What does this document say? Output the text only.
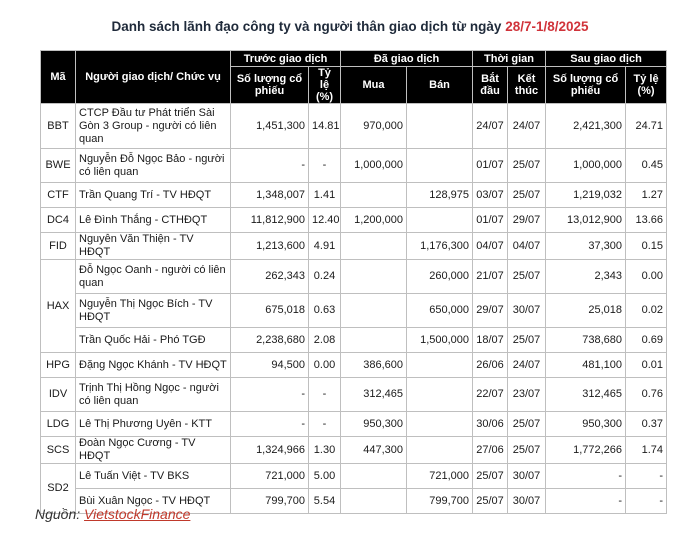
Danh sách lãnh đạo công ty và người thân giao dịch từ ngày 28/7-1/8/2025
Mã	Người giao dịch/ Chức vụ	Trước giao dịch		Đã giao dịch		Thời gian		Sau giao dịch	
		Số lượng cổ phiếu	Tỷ lệ (%)	Mua	Bán	Bắt đầu	Kết thúc	Số lượng cổ phiếu	Tỷ lệ (%)
BBT	CTCP Đầu tư Phát triển Sài Gòn 3 Group - người có liên quan	1,451,300	14.81	970,000		24/07	24/07	2,421,300	24.71
BWE	Nguyễn Đỗ Ngọc Bảo - người có liên quan	-	-	1,000,000		01/07	25/07	1,000,000	0.45
CTF	Trần Quang Trí - TV HĐQT	1,348,007	1.41		128,975	03/07	25/07	1,219,032	1.27
DC4	Lê Đình Thắng - CTHĐQT	11,812,900	12.40	1,200,000		01/07	29/07	13,012,900	13.66
FID	Nguyễn Văn Thiện - TV HĐQT	1,213,600	4.91		1,176,300	04/07	04/07	37,300	0.15
HAX	Đỗ Ngọc Oanh - người có liên quan	262,343	0.24		260,000	21/07	25/07	2,343	0.00
	Nguyễn Thị Ngọc Bích - TV HĐQT	675,018	0.63		650,000	29/07	30/07	25,018	0.02
	Trần Quốc Hải - Phó TGĐ	2,238,680	2.08		1,500,000	18/07	25/07	738,680	0.69
HPG	Đặng Ngọc Khánh - TV HĐQT	94,500	0.00	386,600		26/06	24/07	481,100	0.01
IDV	Trịnh Thị Hồng Ngọc - người có liên quan	-	-	312,465		22/07	23/07	312,465	0.76
LDG	Lê Thị Phương Uyên - KTT	-	-	950,300		30/06	25/07	950,300	0.37
SCS	Đoàn Ngọc Cương - TV HĐQT	1,324,966	1.30	447,300		27/06	25/07	1,772,266	1.74
SD2	Lê Tuấn Việt - TV BKS	721,000	5.00		721,000	25/07	30/07	-	-
	Bùi Xuân Ngọc - TV HĐQT	799,700	5.54		799,700	25/07	30/07	-	-
Nguồn: VietstockFinance
